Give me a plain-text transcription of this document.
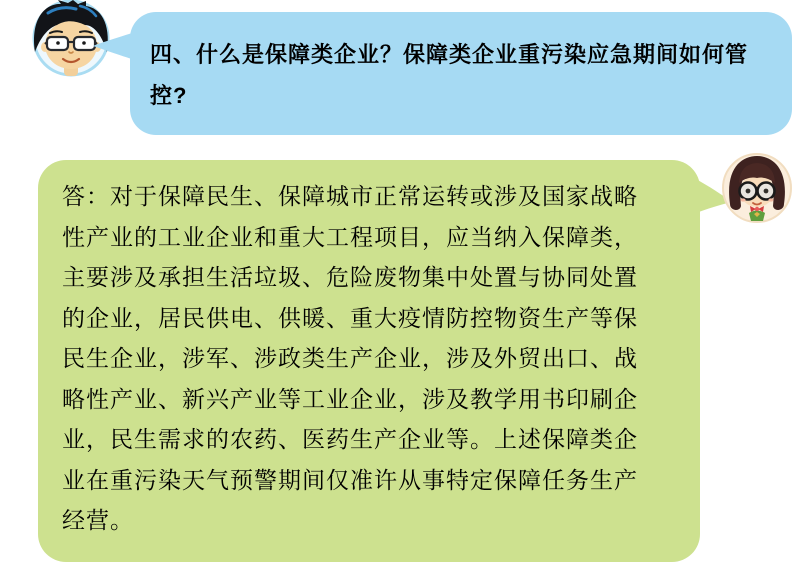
四、什么是保障类企业？保障类企业重污染应急期间如何管
控?
答：对于保障民生、保障城市正常运转或涉及国家战略
性产业的工业企业和重大工程项目，应当纳入保障类，
主要涉及承担生活垃圾、危险废物集中处置与协同处置
的企业，居民供电、供暖、重大疫情防控物资生产等保
民生企业，涉军、涉政类生产企业，涉及外贸出口、战
略性产业、新兴产业等工业企业，涉及教学用书印刷企
业，民生需求的农药、医药生产企业等。上述保障类企
业在重污染天气预警期间仅准许从事特定保障任务生产
经营。
